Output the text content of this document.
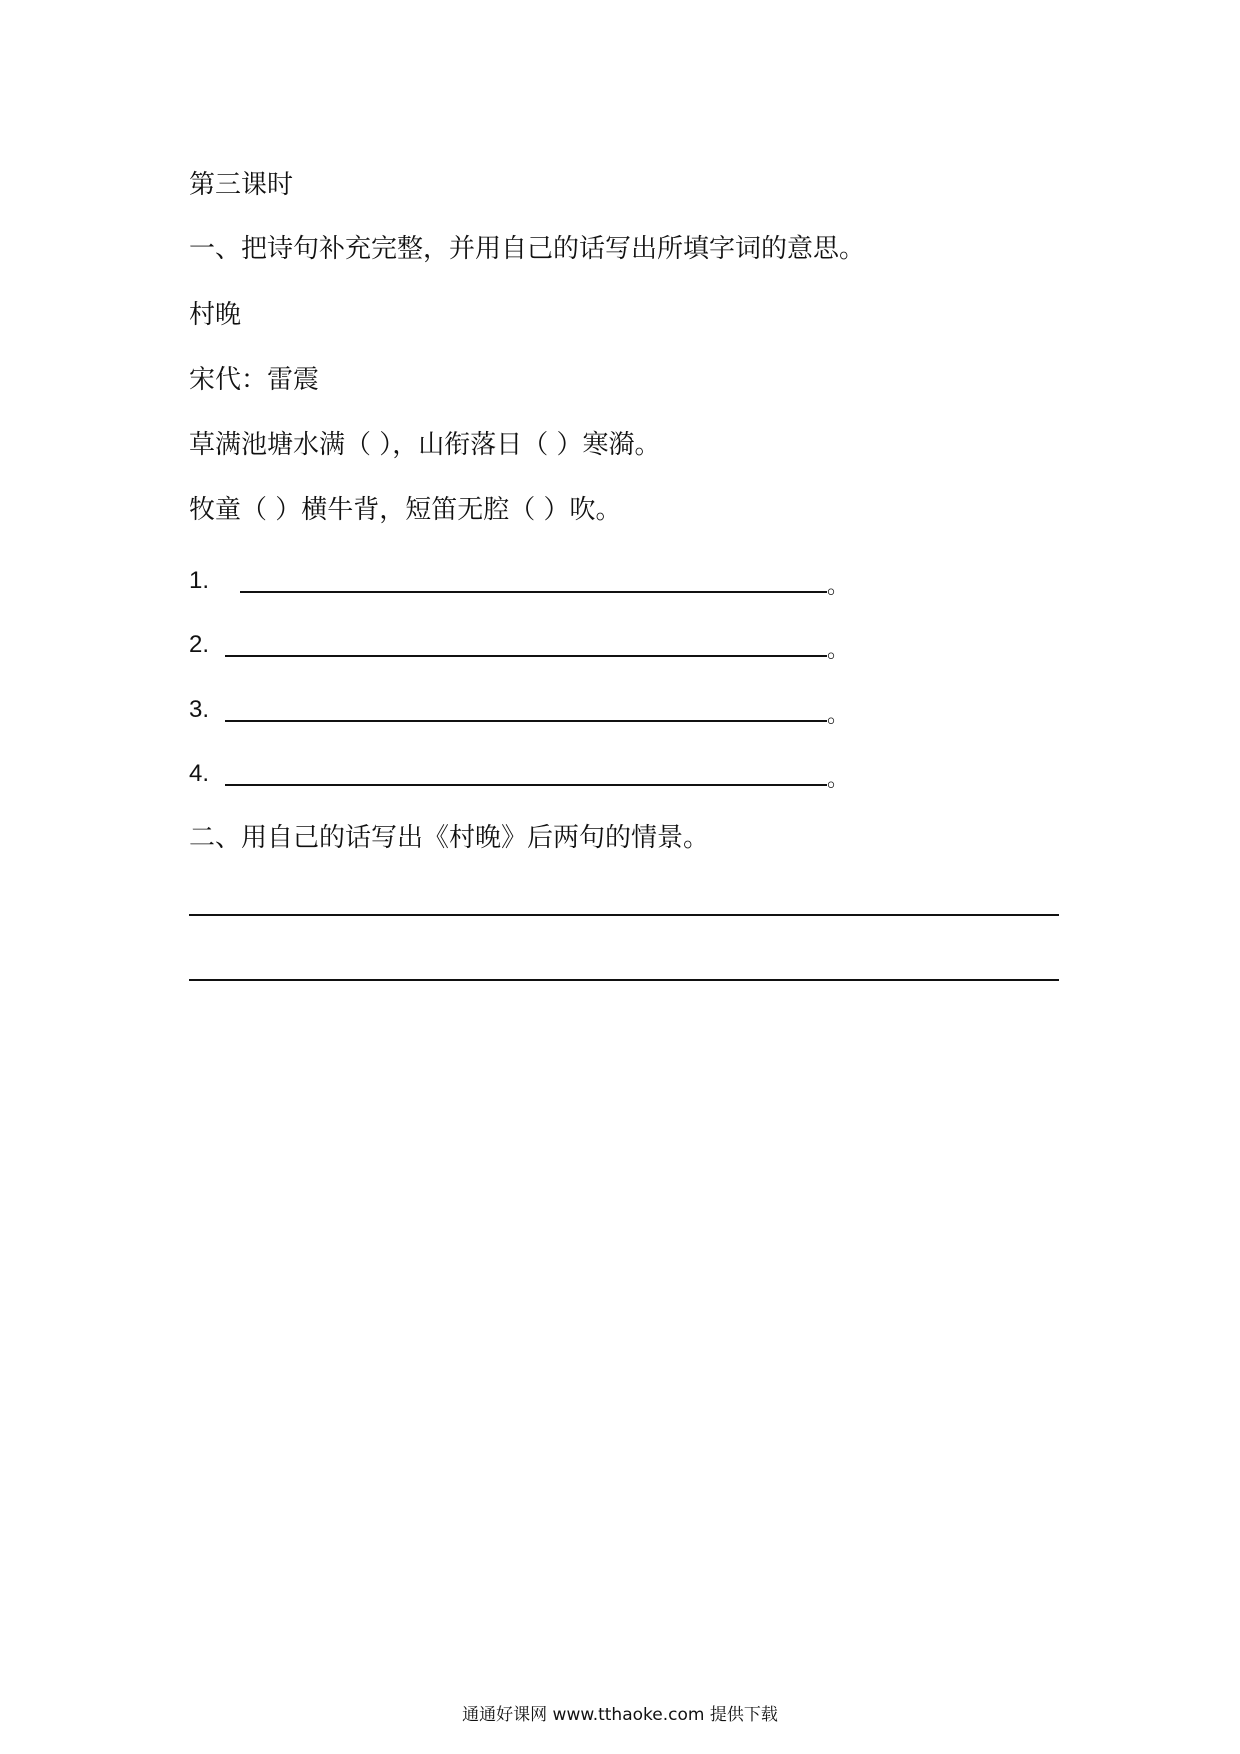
第三课时
一、把诗句补充完整，并用自己的话写出所填字词的意思。
村晚
宋代：雷震
草满池塘水满（ ），山衔落日（ ）寒漪。
牧童（ ）横牛背，短笛无腔（ ）吹。
1.	。
2.	。
3.	。
4.	。
二、用自己的话写出《村晚》后两句的情景。
通通好课网 www.tthaoke.com 提供下载
